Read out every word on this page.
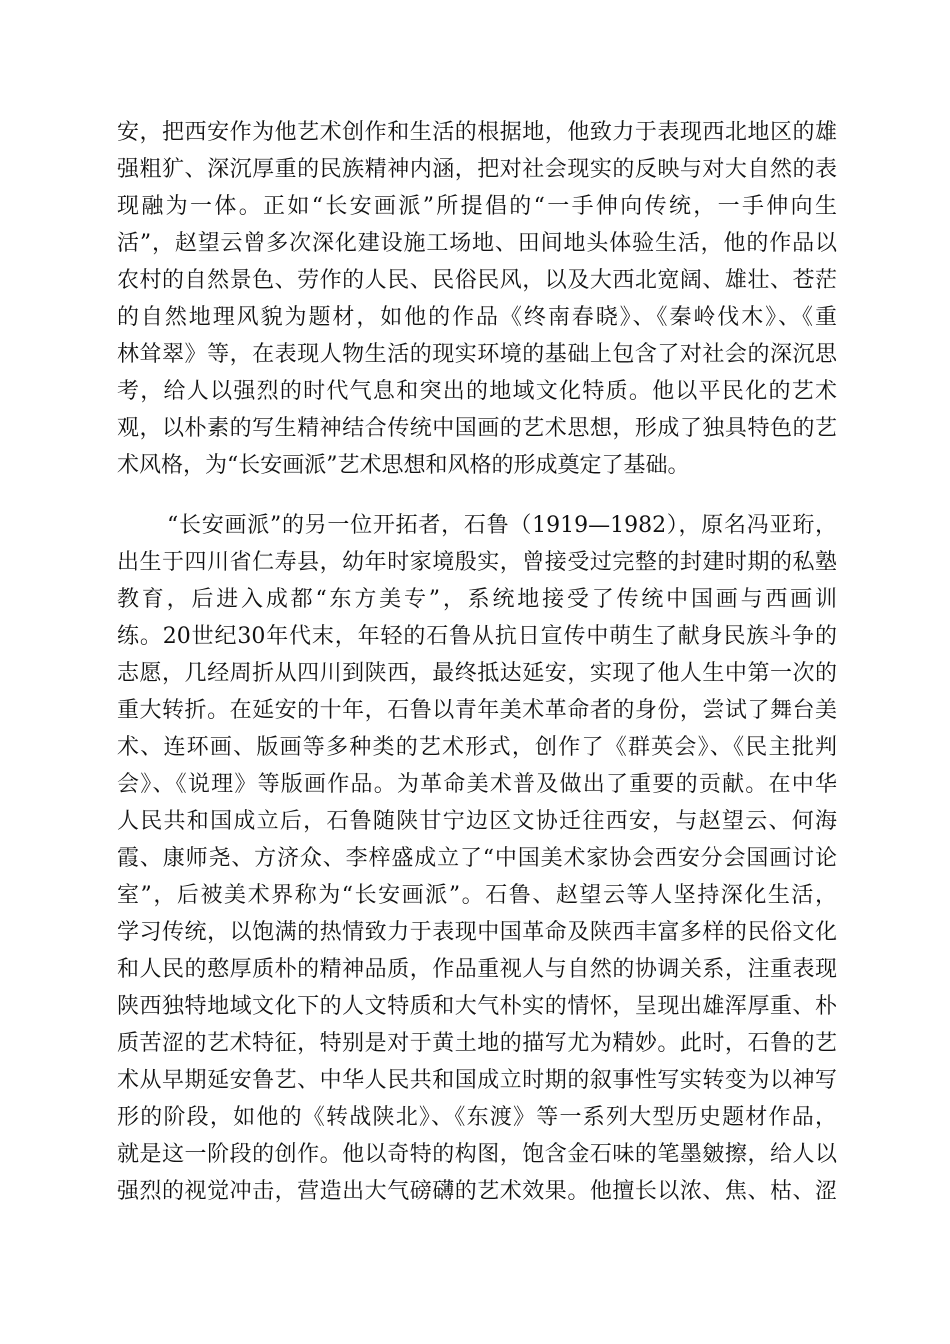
安，把西安作为他艺术创作和生活的根据地，他致力于表现西北地区的雄
强粗犷、深沉厚重的民族精神内涵，把对社会现实的反映与对大自然的表
现融为一体。正如“长安画派”所提倡的“一手伸向传统，一手伸向生
活”，赵望云曾多次深化建设施工场地、田间地头体验生活，他的作品以
农村的自然景色、劳作的人民、民俗民风，以及大西北宽阔、雄壮、苍茫
的自然地理风貌为题材，如他的作品《终南春晓》、《秦岭伐木》、《重
林耸翠》等，在表现人物生活的现实环境的基础上包含了对社会的深沉思
考，给人以强烈的时代气息和突出的地域文化特质。他以平民化的艺术
观，以朴素的写生精神结合传统中国画的艺术思想，形成了独具特色的艺
术风格，为“长安画派”艺术思想和风格的形成奠定了基础。
“长安画派”的另一位开拓者，石鲁（1919—1982），原名冯亚珩，
出生于四川省仁寿县，幼年时家境殷实，曾接受过完整的封建时期的私塾
教育，后进入成都“东方美专”，系统地接受了传统中国画与西画训
练。20世纪30年代末，年轻的石鲁从抗日宣传中萌生了献身民族斗争的
志愿，几经周折从四川到陕西，最终抵达延安，实现了他人生中第一次的
重大转折。在延安的十年，石鲁以青年美术革命者的身份，尝试了舞台美
术、连环画、版画等多种类的艺术形式，创作了《群英会》、《民主批判
会》、《说理》等版画作品。为革命美术普及做出了重要的贡献。在中华
人民共和国成立后，石鲁随陕甘宁边区文协迁往西安，与赵望云、何海
霞、康师尧、方济众、李梓盛成立了“中国美术家协会西安分会国画讨论
室”，后被美术界称为“长安画派”。石鲁、赵望云等人坚持深化生活，
学习传统，以饱满的热情致力于表现中国革命及陕西丰富多样的民俗文化
和人民的憨厚质朴的精神品质，作品重视人与自然的协调关系，注重表现
陕西独特地域文化下的人文特质和大气朴实的情怀，呈现出雄浑厚重、朴
质苦涩的艺术特征，特别是对于黄土地的描写尤为精妙。此时，石鲁的艺
术从早期延安鲁艺、中华人民共和国成立时期的叙事性写实转变为以神写
形的阶段，如他的《转战陕北》、《东渡》等一系列大型历史题材作品，
就是这一阶段的创作。他以奇特的构图，饱含金石味的笔墨皴擦，给人以
强烈的视觉冲击，营造出大气磅礴的艺术效果。他擅长以浓、焦、枯、涩
